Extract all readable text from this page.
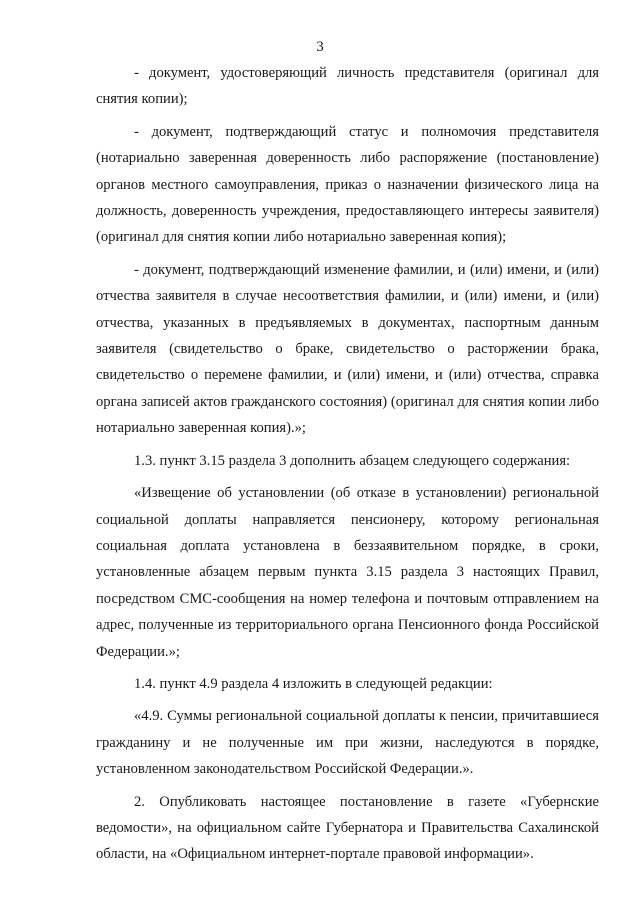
3

- документ, удостоверяющий личность представителя (оригинал для снятия копии);

- документ, подтверждающий статус и полномочия представителя (нотариально заверенная доверенность либо распоряжение (постановление) органов местного самоуправления, приказ о назначении физического лица на должность, доверенность учреждения, предоставляющего интересы заявителя) (оригинал для снятия копии либо нотариально заверенная копия);

- документ, подтверждающий изменение фамилии, и (или) имени, и (или) отчества заявителя в случае несоответствия фамилии, и (или) имени, и (или) отчества, указанных в предъявляемых в документах, паспортным данным заявителя (свидетельство о браке, свидетельство о расторжении брака, свидетельство о перемене фамилии, и (или) имени, и (или) отчества, справка органа записей актов гражданского состояния) (оригинал для снятия копии либо нотариально заверенная копия).»;

1.3. пункт 3.15 раздела 3 дополнить абзацем следующего содержания:

«Извещение об установлении (об отказе в установлении) региональной социальной доплаты направляется пенсионеру, которому региональная социальная доплата установлена в беззаявительном порядке, в сроки, установленные абзацем первым пункта 3.15 раздела 3 настоящих Правил, посредством СМС-сообщения на номер телефона и почтовым отправлением на адрес, полученные из территориального органа Пенсионного фонда Российской Федерации.»;

1.4. пункт 4.9 раздела 4 изложить в следующей редакции:

«4.9. Суммы региональной социальной доплаты к пенсии, причитавшиеся гражданину и не полученные им при жизни, наследуются в порядке, установленном законодательством Российской Федерации.».

2. Опубликовать настоящее постановление в газете «Губернские ведомости», на официальном сайте Губернатора и Правительства Сахалинской области, на «Официальном интернет-портале правовой информации».
